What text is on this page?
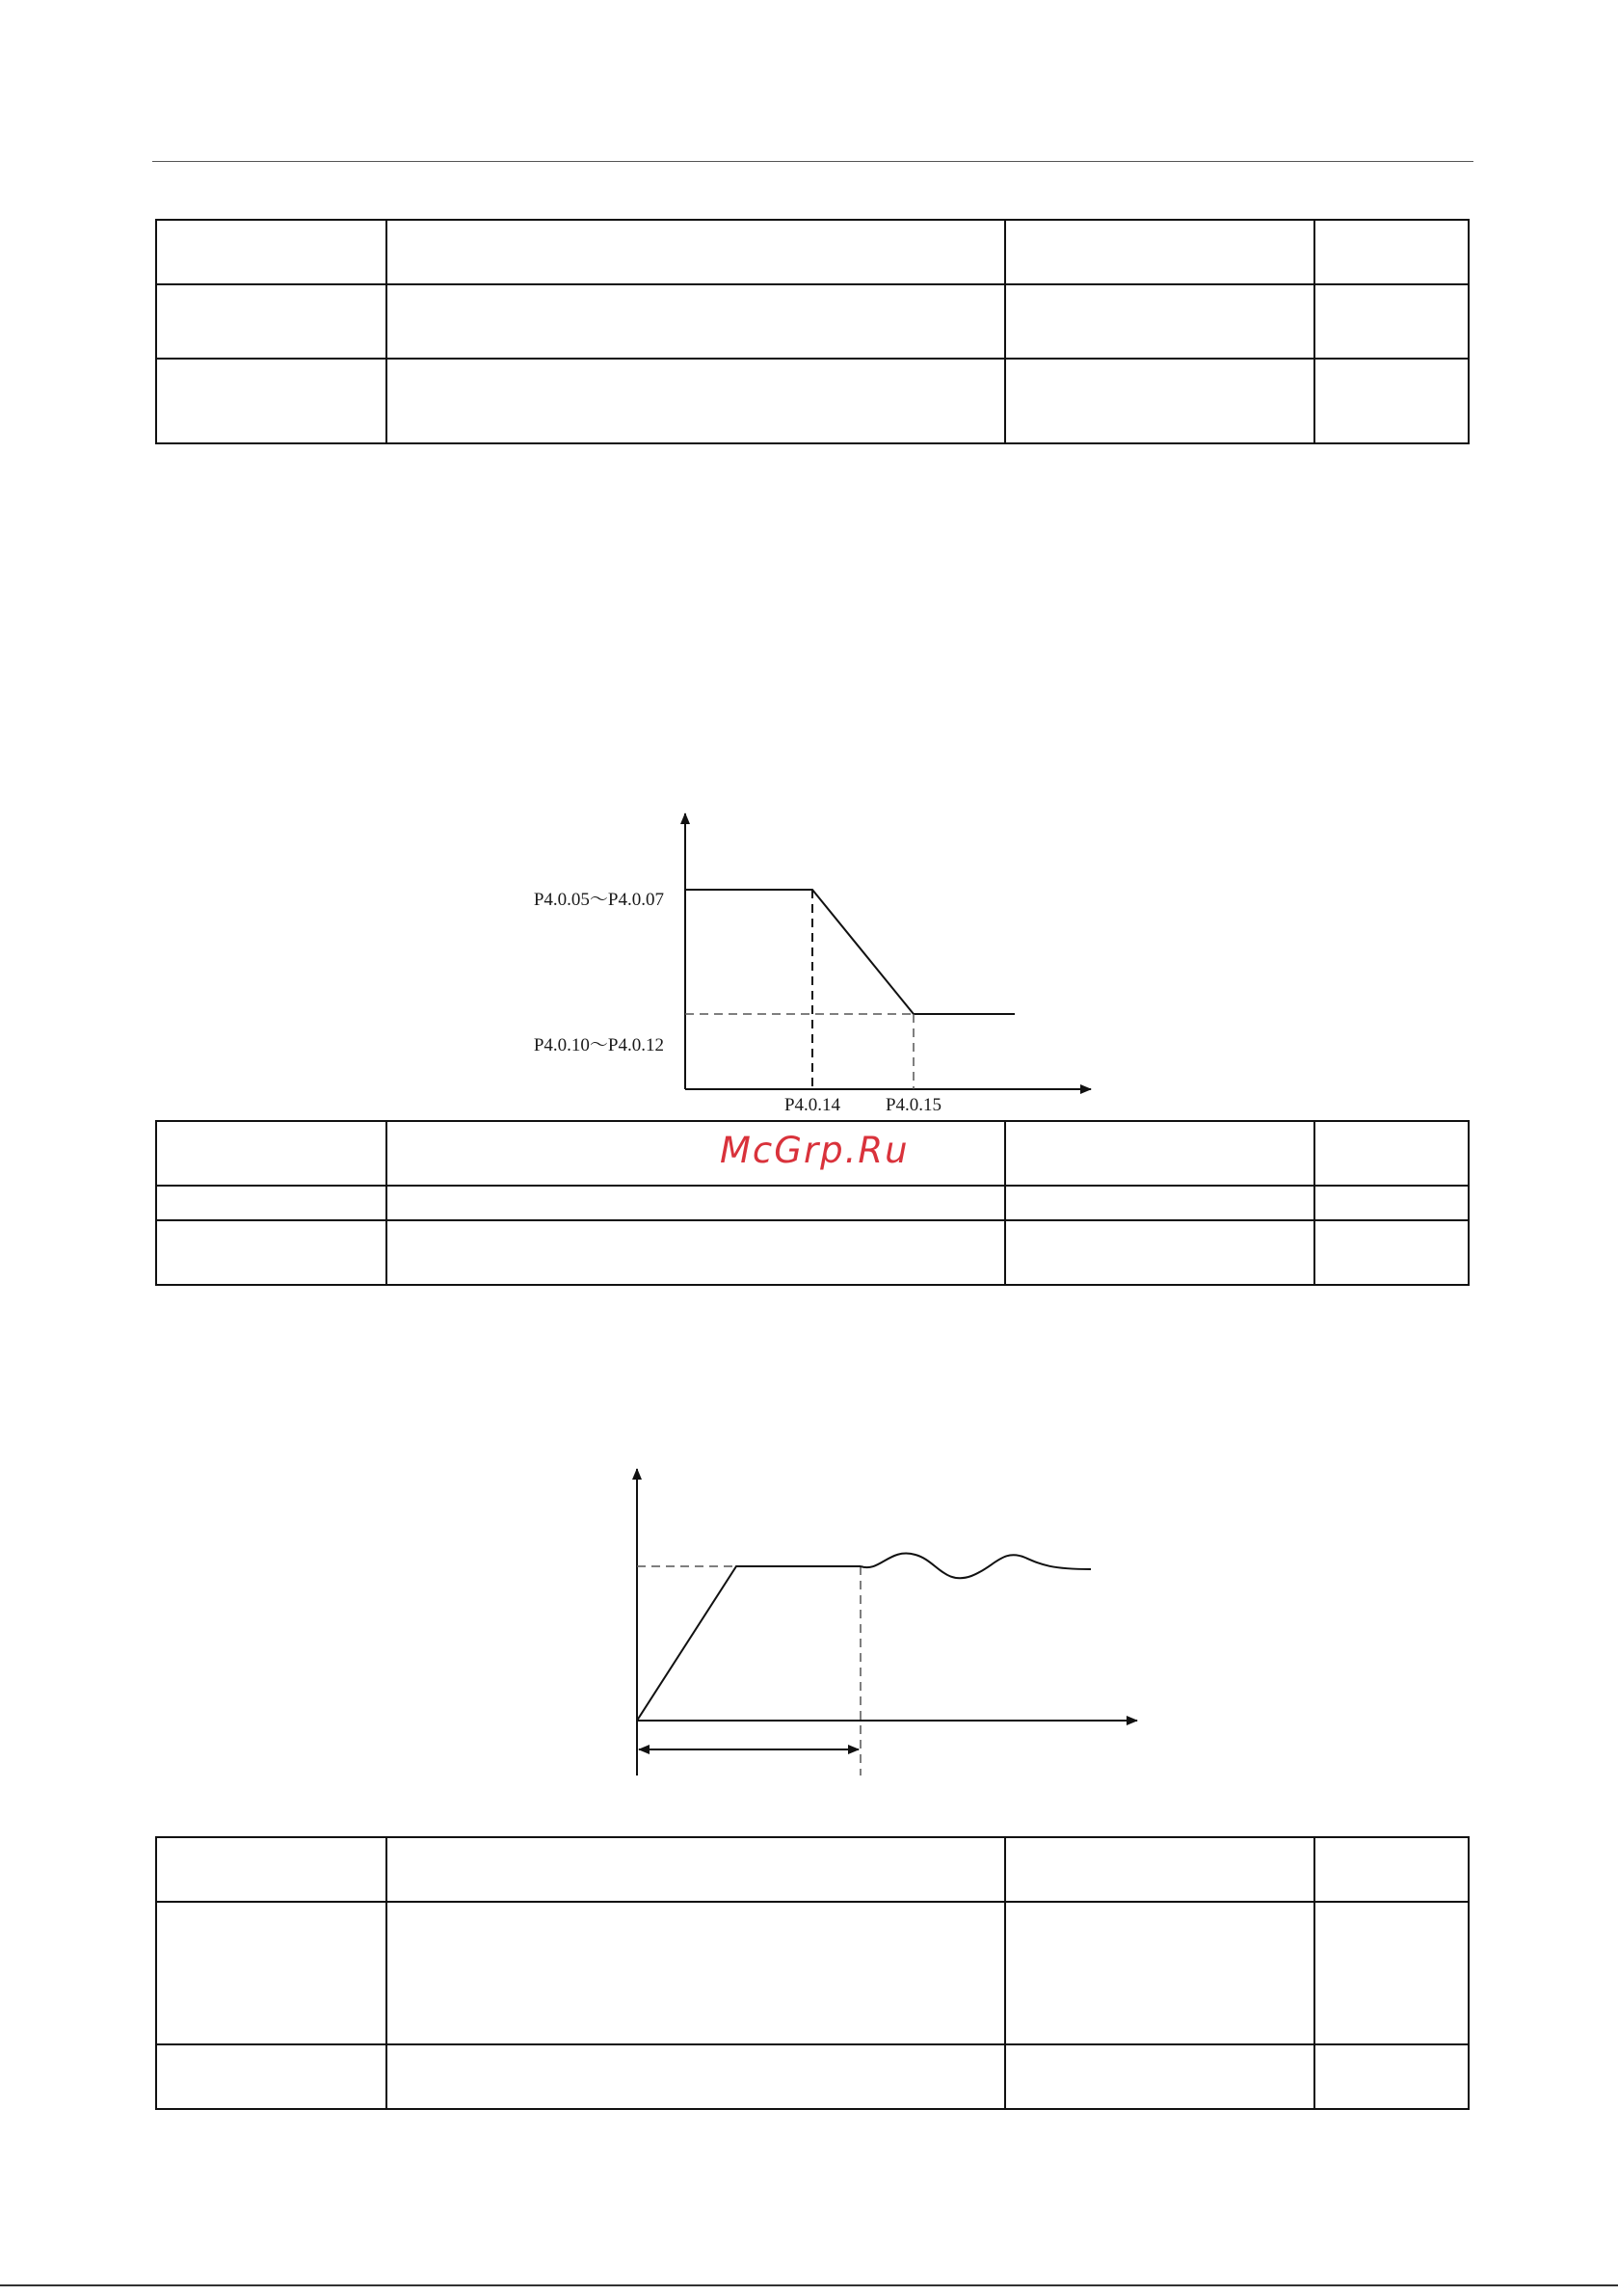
P4.0.05～P4.0.07
P4.0.10～P4.0.12
P4.0.14 P4.0.15

McGrp.Ru
